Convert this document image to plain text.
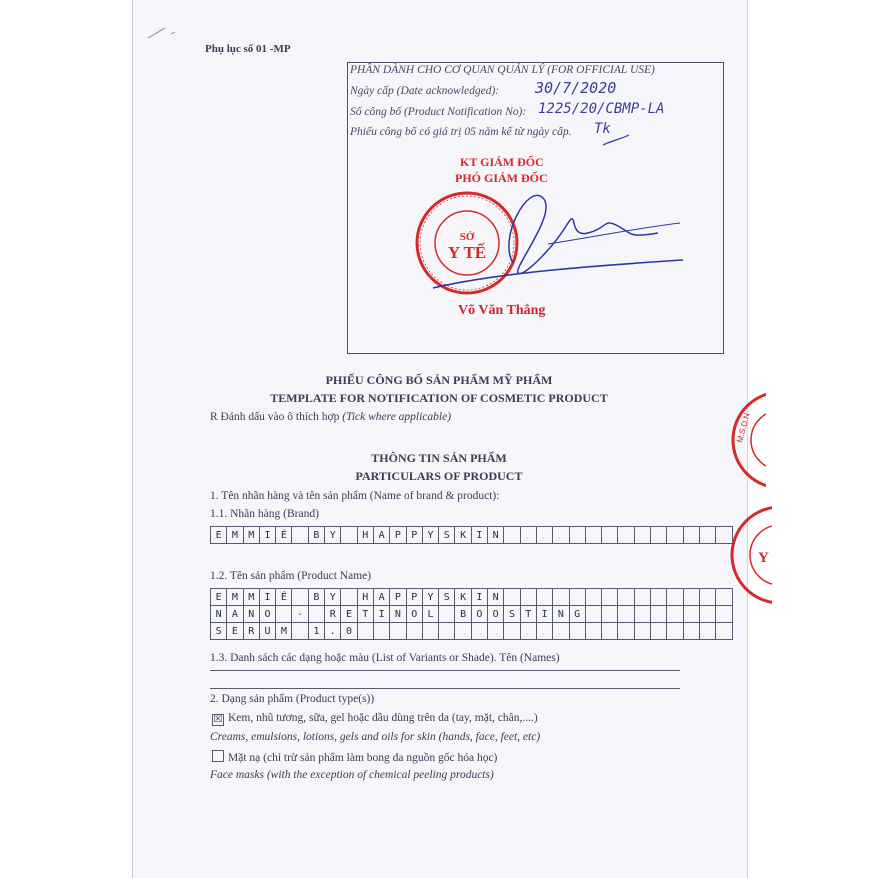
Phụ lục số 01 -MP
PHẦN DÀNH CHO CƠ QUAN QUẢN LÝ (FOR OFFICIAL USE)
Ngày cấp (Date acknowledged): 30/7/2020
Số công bố (Product Notification No): 1225/20/CBMP-LA
Phiếu công bố có giá trị 05 năm kể từ ngày cấp. Tk
KT GIÁM ĐỐC
PHÓ GIÁM ĐỐC
SỞ
Y TẾ
Võ Văn Thắng
M.S.D.N
Y
PHIẾU CÔNG BỐ SẢN PHẨM MỸ PHẨM
TEMPLATE FOR NOTIFICATION OF COSMETIC PRODUCT
R Đánh dấu vào ô thích hợp (Tick where applicable)
THÔNG TIN SẢN PHẨM
PARTICULARS OF PRODUCT
1. Tên nhãn hàng và tên sản phẩm (Name of brand & product):
1.1. Nhãn hàng (Brand)
E	M	M	I	É		B	Y		H	A	P	P	Y	S	K	I	N														
1.2. Tên sản phẩm (Product Name)
E	M	M	I	É		B	Y		H	A	P	P	Y	S	K	I	N														
N	A	N	O		-		R	E	T	I	N	O	L		B	O	O	S	T	I	N	G									
S	E	R	U	M		1	.	0																							
1.3. Danh sách các dạng hoặc màu (List of Variants or Shade). Tên (Names)
2. Dạng sản phẩm (Product type(s))
☒ Kem, nhũ tương, sữa, gel hoặc dầu dùng trên da (tay, mặt, chân,....)
Creams, emulsions, lotions, gels and oils for skin (hands, face, feet, etc)
Mặt nạ (chỉ trừ sản phẩm làm bong da nguồn gốc hóa học)
Face masks (with the exception of chemical peeling products)
